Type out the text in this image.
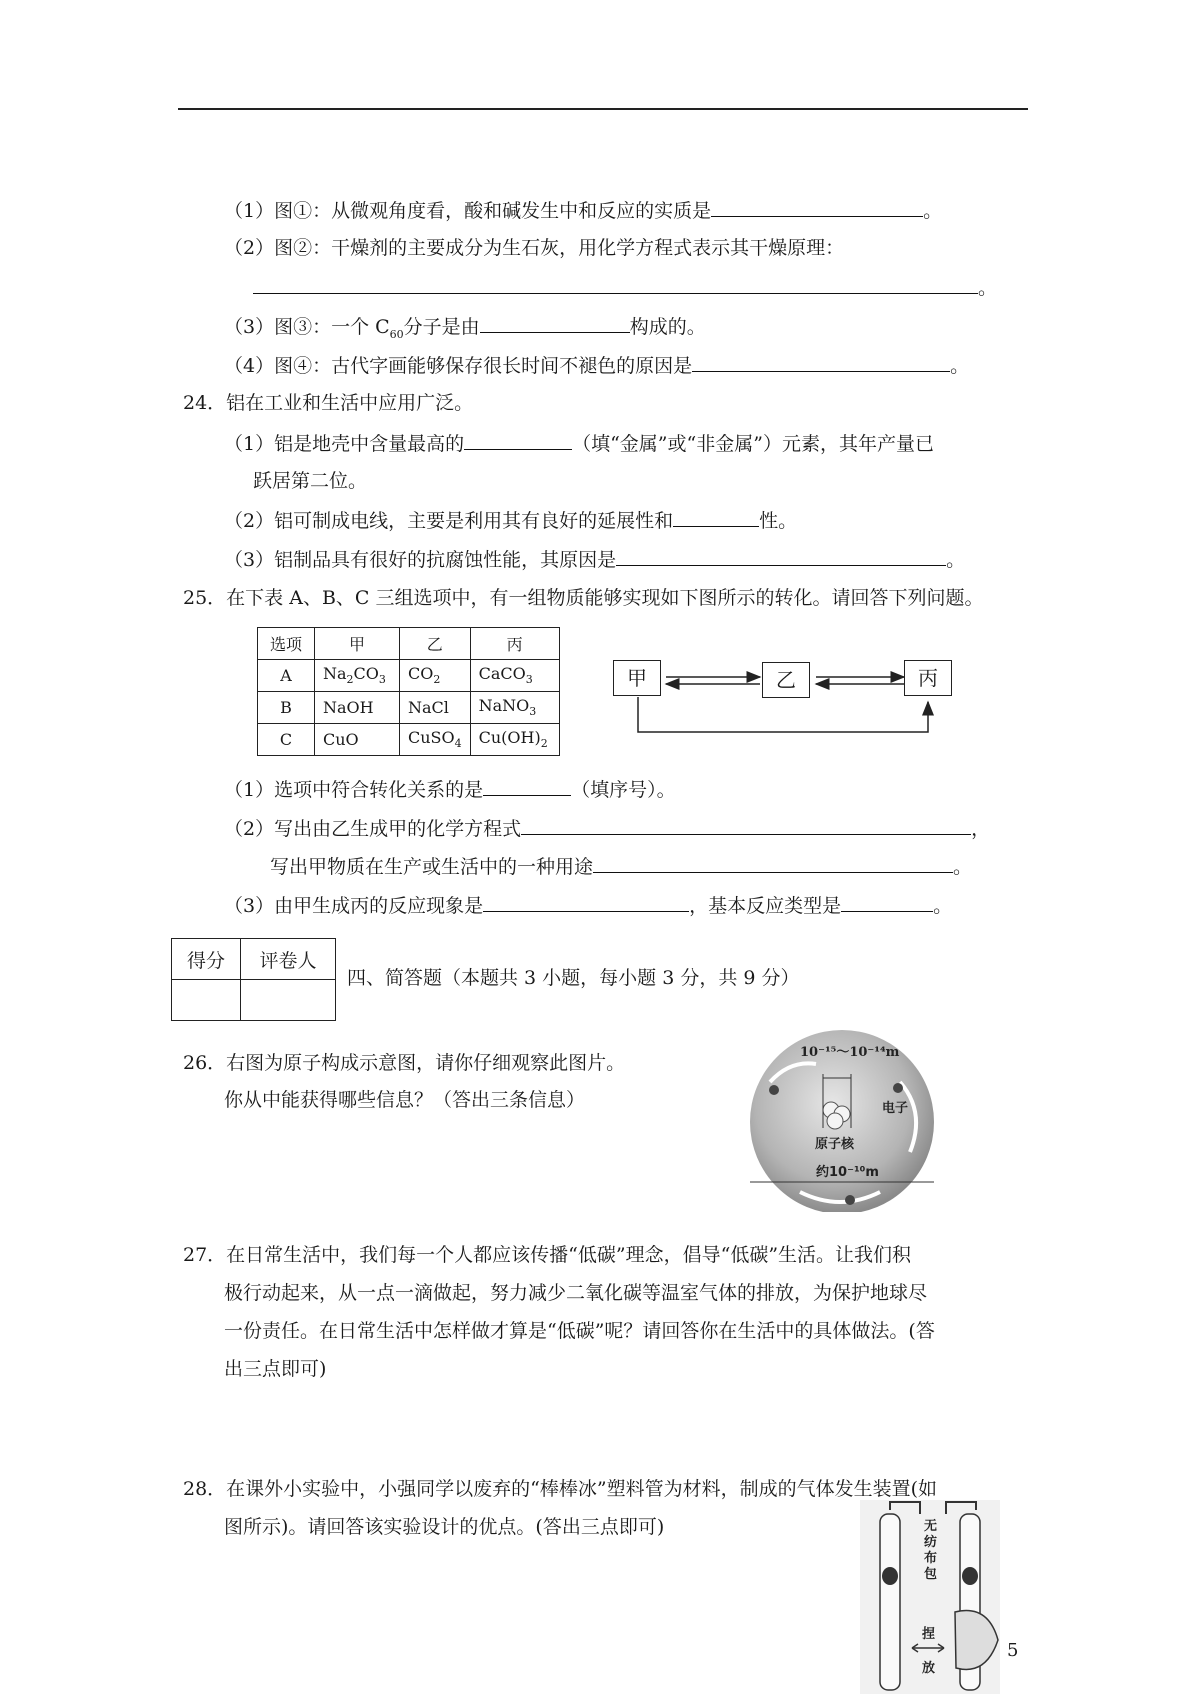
（1）图①：从微观角度看，酸和碱发生中和反应的实质是	。
（2）图②：干燥剂的主要成分为生石灰，用化学方程式表示其干燥原理：
。
（3）图③：一个 $C_{60}$分子是由	构成的。
（4）图④：古代字画能够保存很长时间不褪色的原因是	。
24．铝在工业和生活中应用广泛。
（1）铝是地壳中含量最高的	（填“金属”或“非金属”）元素，其年产量已
跃居第二位。
（2）铝可制成电线，主要是利用其有良好的延展性和	性。
（3）铝制品具有很好的抗腐蚀性能，其原因是	。
25．在下表 A、B、C 三组选项中，有一组物质能够实现如下图所示的转化。请回答下列问题。
选项	甲	乙	丙
A	$Na_2CO_3$	$CO_2$	CaCO$_3$
B	NaOH	NaCl	NaNO$_3$
C	CuO	CuSO$_4$	$Cu(OH)_2$
甲	乙	丙
（1）选项中符合转化关系的是	（填序号）。
（2）写出由乙生成甲的化学方程式	，
写出甲物质在生产或生活中的一种用途	。
（3）由甲生成丙的反应现象是	，基本反应类型是	。
得分	评卷人

四、简答题（本题共 3 小题，每小题 3 分，共 9 分）
26．右图为原子构成示意图，请你仔细观察此图片。
你从中能获得哪些信息？（答出三条信息）
10⁻¹⁵～10⁻¹⁴m
电子
原子核
约10⁻¹⁰m
27．在日常生活中，我们每一个人都应该传播“低碳”理念，倡导“低碳”生活。让我们积
极行动起来，从一点一滴做起，努力减少二氧化碳等温室气体的排放，为保护地球尽
一份责任。在日常生活中怎样做才算是“低碳”呢？请回答你在生活中的具体做法。(答
出三点即可)
28．在课外小实验中，小强同学以废弃的“棒棒冰”塑料管为材料，制成的气体发生装置(如
图所示)。请回答该实验设计的优点。(答出三点即可)	无纺布包
捏
放
5
